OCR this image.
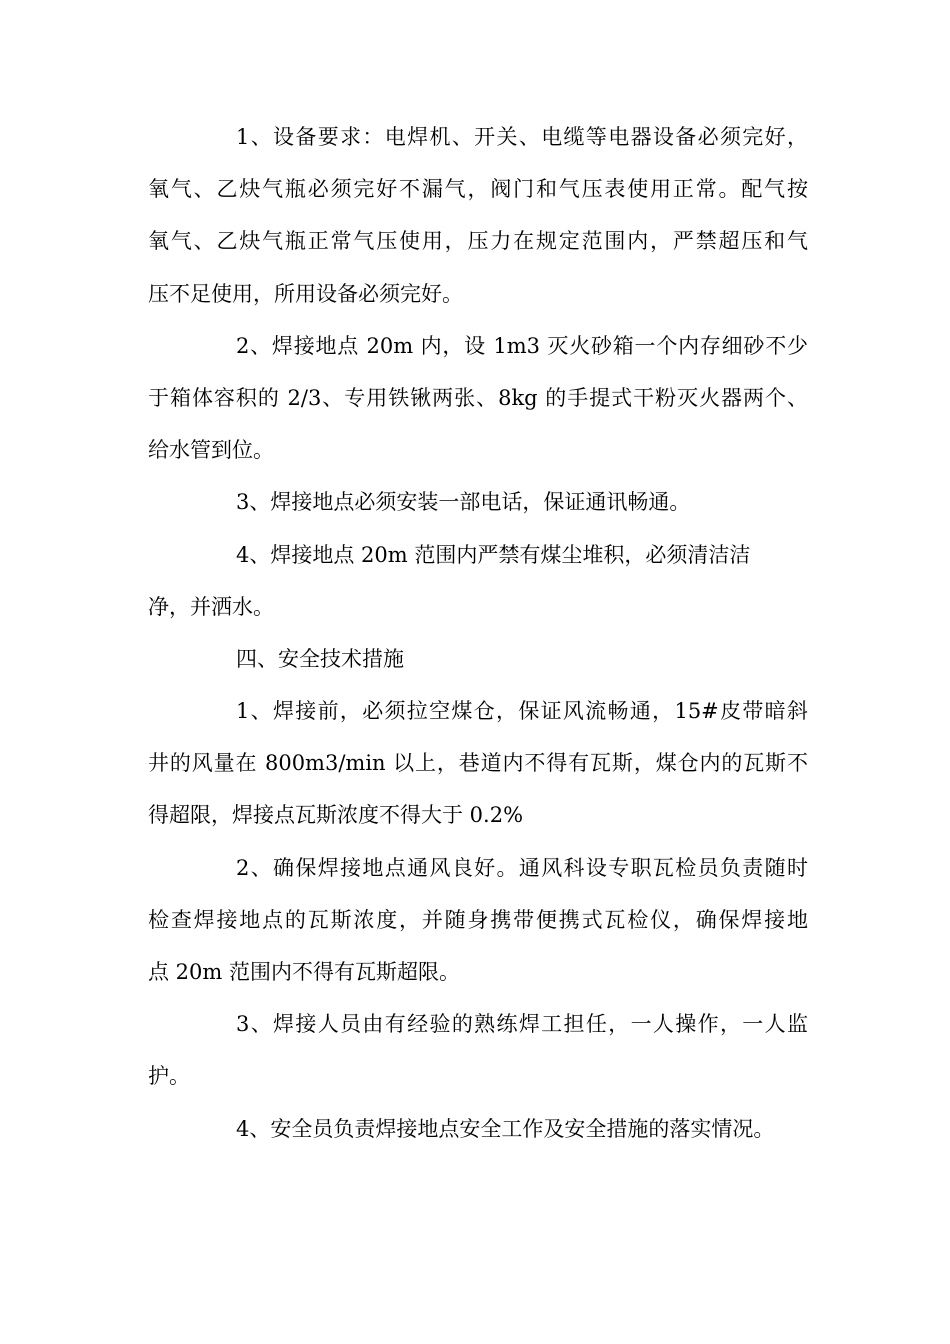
1、设备要求：电焊机、开关、电缆等电器设备必须完好，
氧气、乙炔气瓶必须完好不漏气，阀门和气压表使用正常。配气按
氧气、乙炔气瓶正常气压使用，压力在规定范围内，严禁超压和气
压不足使用，所用设备必须完好。
2、焊接地点 20m 内，设 1m3 灭火砂箱一个内存细砂不少
于箱体容积的 2/3、专用铁锹两张、8kg 的手提式干粉灭火器两个、
给水管到位。
3、焊接地点必须安装一部电话，保证通讯畅通。
4、焊接地点 20m 范围内严禁有煤尘堆积，必须清洁洁
净，并洒水。
四、安全技术措施
1、焊接前，必须拉空煤仓，保证风流畅通，15#皮带暗斜
井的风量在 800m3/min 以上，巷道内不得有瓦斯，煤仓内的瓦斯不
得超限，焊接点瓦斯浓度不得大于 0.2%
2、确保焊接地点通风良好。通风科设专职瓦检员负责随时
检查焊接地点的瓦斯浓度，并随身携带便携式瓦检仪，确保焊接地
点 20m 范围内不得有瓦斯超限。
3、焊接人员由有经验的熟练焊工担任，一人操作，一人监
护。
4、安全员负责焊接地点安全工作及安全措施的落实情况。
